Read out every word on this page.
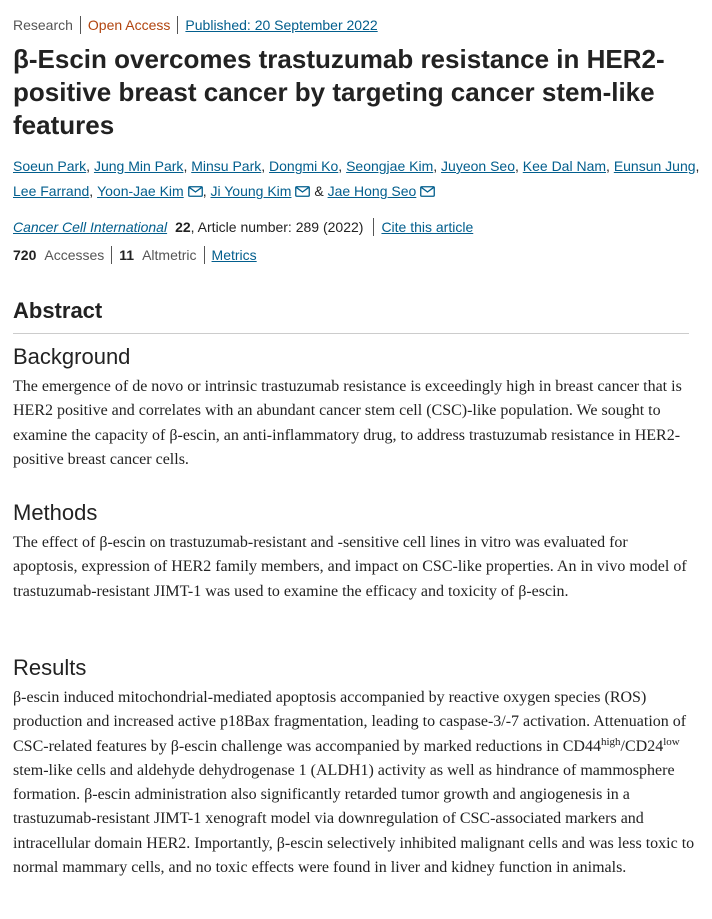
Research Open Access Published: 20 September 2022
β-Escin overcomes trastuzumab resistance in HER2-positive breast cancer by targeting cancer stem-like features
Soeun Park, Jung Min Park, Minsu Park, Dongmi Ko, Seongjae Kim, Juyeon Seo, Kee Dal Nam, Eunsun Jung, Lee Farrand, Yoon-Jae Kim , Ji Young Kim & Jae Hong Seo
Cancer Cell International 22, Article number: 289 (2022) Cite this article
720 Accesses 11 Altmetric Metrics
Abstract
Background

The emergence of de novo or intrinsic trastuzumab resistance is exceedingly high in breast cancer that is HER2 positive and correlates with an abundant cancer stem cell (CSC)-like population. We sought to examine the capacity of β-escin, an anti-inflammatory drug, to address trastuzumab resistance in HER2-positive breast cancer cells.

Methods

The effect of β-escin on trastuzumab-resistant and -sensitive cell lines in vitro was evaluated for apoptosis, expression of HER2 family members, and impact on CSC-like properties. An in vivo model of trastuzumab-resistant JIMT-1 was used to examine the efficacy and toxicity of β-escin.

Results

β-escin induced mitochondrial-mediated apoptosis accompanied by reactive oxygen species (ROS) production and increased active p18Bax fragmentation, leading to caspase-3/-7 activation. Attenuation of CSC-related features by β-escin challenge was accompanied by marked reductions in $CD44^{high}/CD24^{low}$ stem-like cells and aldehyde dehydrogenase 1 (ALDH1) activity as well as hindrance of mammosphere formation. β-escin administration also significantly retarded tumor growth and angiogenesis in a trastuzumab-resistant JIMT-1 xenograft model via downregulation of CSC-associated markers and intracellular domain HER2. Importantly, β-escin selectively inhibited malignant cells and was less toxic to normal mammary cells, and no toxic effects were found in liver and kidney function in animals.
